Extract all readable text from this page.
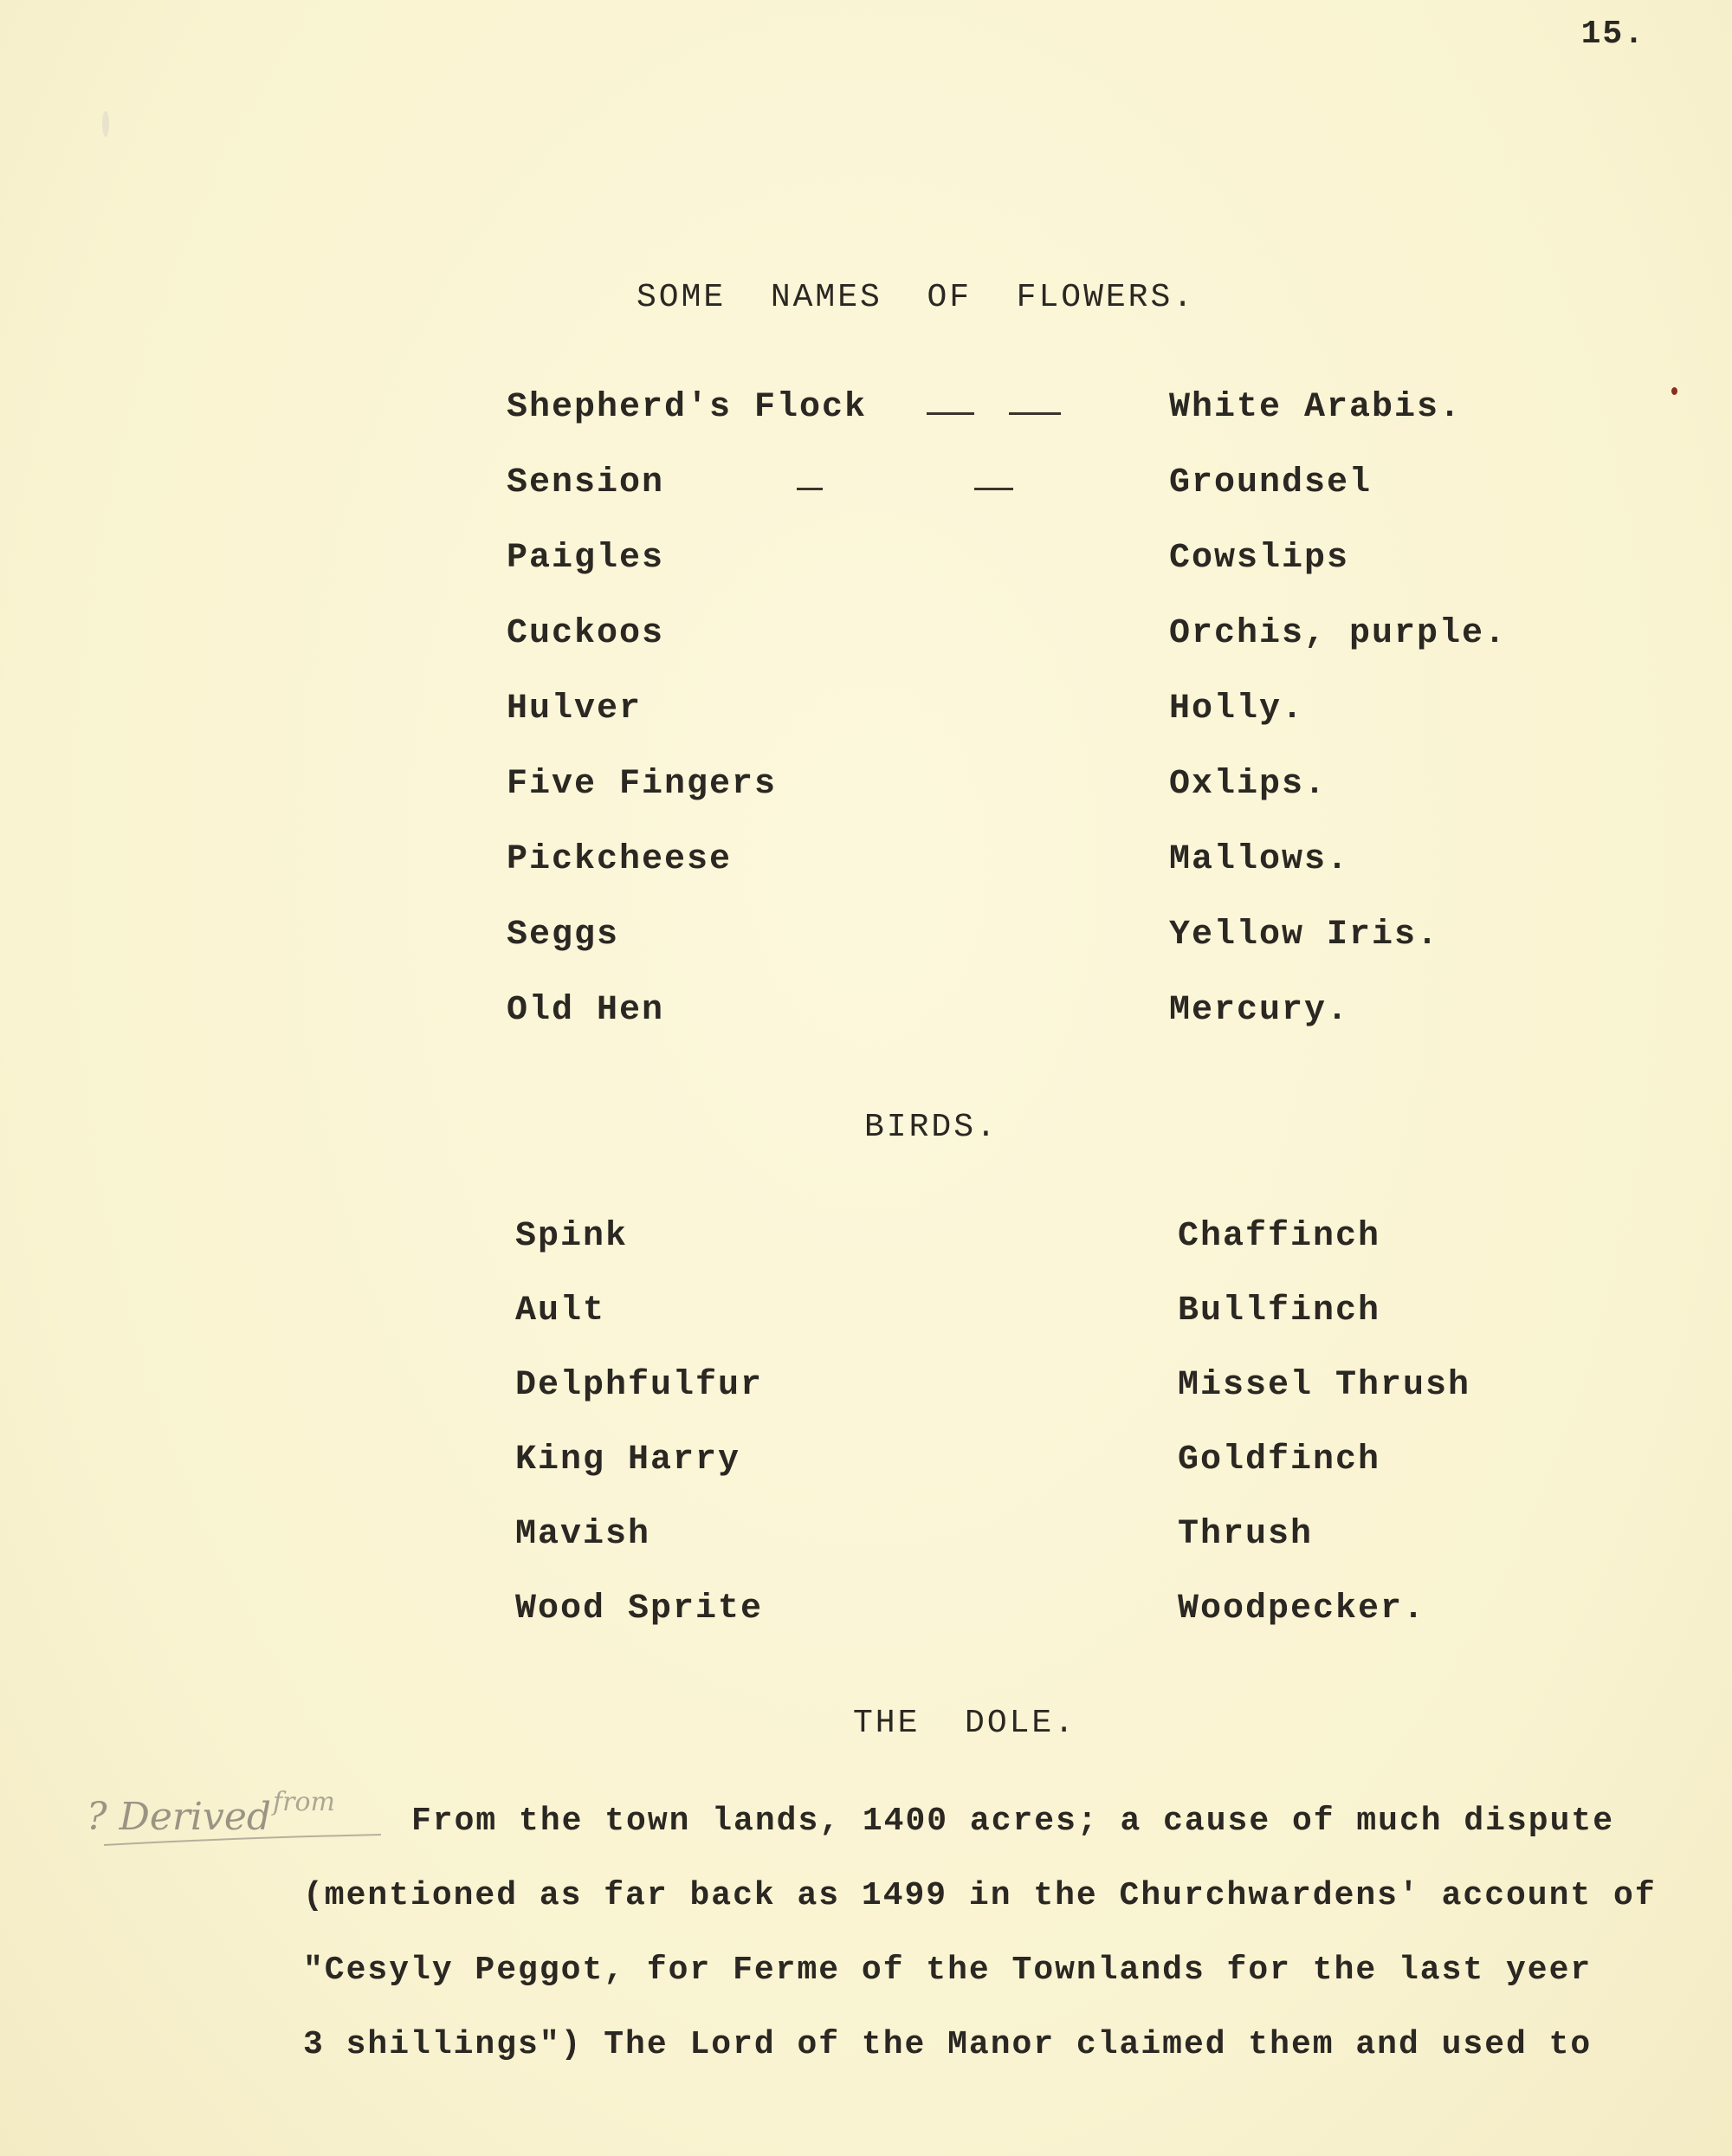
15.
SOME  NAMES  OF  FLOWERS.
Shepherd's Flock	White Arabis.
Sension	Groundsel
Paigles	Cowslips
Cuckoos	Orchis, purple.
Hulver	Holly.
Five Fingers	Oxlips.
Pickcheese	Mallows.
Seggs	Yellow Iris.
Old Hen	Mercury.
BIRDS.
Spink	Chaffinch
Ault	Bullfinch
Delphfulfur	Missel Thrush
King Harry	Goldfinch
Mavish	Thrush
Wood Sprite	Woodpecker.
THE  DOLE.
? Derived from
From the town lands, 1400 acres; a cause of much dispute
(mentioned as far back as 1499 in the Churchwardens' account of
"Cesyly Peggot, for Ferme of the Townlands for the last yeer
3 shillings") The Lord of the Manor claimed them and used to
